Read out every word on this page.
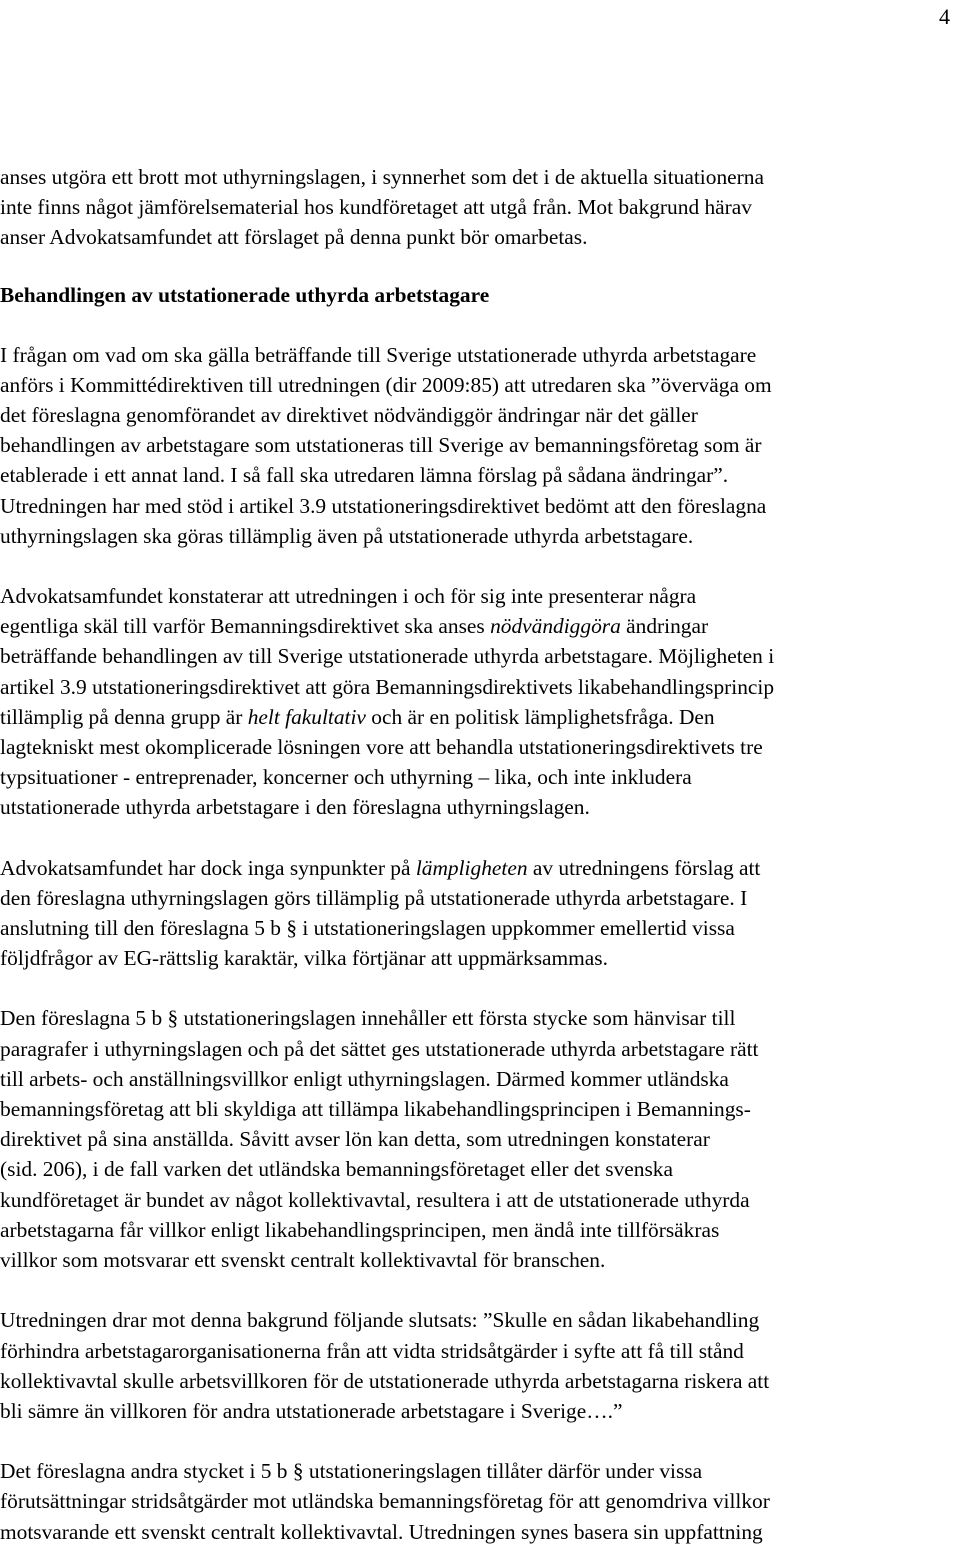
4

anses utgöra ett brott mot uthyrningslagen, i synnerhet som det i de aktuella situationerna
inte finns något jämförelsematerial hos kundföretaget att utgå från. Mot bakgrund härav
anser Advokatsamfundet att förslaget på denna punkt bör omarbetas.

Behandlingen av utstationerade uthyrda arbetstagare

I frågan om vad om ska gälla beträffande till Sverige utstationerade uthyrda arbetstagare
anförs i Kommittédirektiven till utredningen (dir 2009:85) att utredaren ska ”överväga om
det föreslagna genomförandet av direktivet nödvändiggör ändringar när det gäller
behandlingen av arbetstagare som utstationeras till Sverige av bemanningsföretag som är
etablerade i ett annat land. I så fall ska utredaren lämna förslag på sådana ändringar”.
Utredningen har med stöd i artikel 3.9 utstationeringsdirektivet bedömt att den föreslagna
uthyrningslagen ska göras tillämplig även på utstationerade uthyrda arbetstagare.

Advokatsamfundet konstaterar att utredningen i och för sig inte presenterar några
egentliga skäl till varför Bemanningsdirektivet ska anses nödvändiggöra ändringar
beträffande behandlingen av till Sverige utstationerade uthyrda arbetstagare. Möjligheten i
artikel 3.9 utstationeringsdirektivet att göra Bemanningsdirektivets likabehandlingsprincip
tillämplig på denna grupp är helt fakultativ och är en politisk lämplighetsfråga. Den
lagtekniskt mest okomplicerade lösningen vore att behandla utstationeringsdirektivets tre
typsituationer - entreprenader, koncerner och uthyrning – lika, och inte inkludera
utstationerade uthyrda arbetstagare i den föreslagna uthyrningslagen.

Advokatsamfundet har dock inga synpunkter på lämpligheten av utredningens förslag att
den föreslagna uthyrningslagen görs tillämplig på utstationerade uthyrda arbetstagare. I
anslutning till den föreslagna 5 b § i utstationeringslagen uppkommer emellertid vissa
följdfrågor av EG-rättslig karaktär, vilka förtjänar att uppmärksammas.

Den föreslagna 5 b § utstationeringslagen innehåller ett första stycke som hänvisar till
paragrafer i uthyrningslagen och på det sättet ges utstationerade uthyrda arbetstagare rätt
till arbets- och anställningsvillkor enligt uthyrningslagen. Därmed kommer utländska
bemanningsföretag att bli skyldiga att tillämpa likabehandlingsprincipen i Bemannings-
direktivet på sina anställda. Såvitt avser lön kan detta, som utredningen konstaterar
(sid. 206), i de fall varken det utländska bemanningsföretaget eller det svenska
kundföretaget är bundet av något kollektivavtal, resultera i att de utstationerade uthyrda
arbetstagarna får villkor enligt likabehandlingsprincipen, men ändå inte tillförsäkras
villkor som motsvarar ett svenskt centralt kollektivavtal för branschen.

Utredningen drar mot denna bakgrund följande slutsats: ”Skulle en sådan likabehandling
förhindra arbetstagarorganisationerna från att vidta stridsåtgärder i syfte att få till stånd
kollektivavtal skulle arbetsvillkoren för de utstationerade uthyrda arbetstagarna riskera att
bli sämre än villkoren för andra utstationerade arbetstagare i Sverige….”

Det föreslagna andra stycket i 5 b § utstationeringslagen tillåter därför under vissa
förutsättningar stridsåtgärder mot utländska bemanningsföretag för att genomdriva villkor
motsvarande ett svenskt centralt kollektivavtal. Utredningen synes basera sin uppfattning
